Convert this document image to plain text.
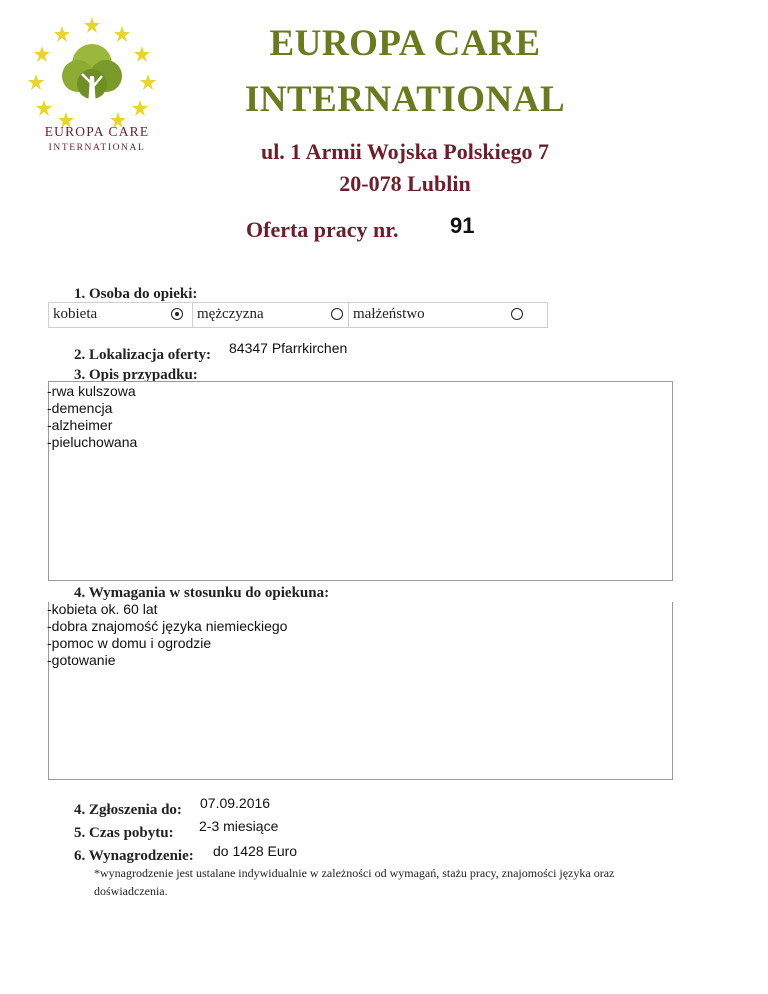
EUROPA CARE
INTERNATIONAL
EUROPA CARE
INTERNATIONAL
ul. 1 Armii Wojska Polskiego 7
20-078 Lublin
Oferta pracy nr. 91
1. Osoba do opieki:
kobieta	mężczyzna	małżeństwo
2. Lokalizacja oferty: 84347 Pfarrkirchen
3. Opis przypadku:
-rwa kulszowa
-demencja
-alzheimer
-pieluchowana
4. Wymagania w stosunku do opiekuna:
-kobieta ok. 60 lat
-dobra znajomość języka niemieckiego
-pomoc w domu i ogrodzie
-gotowanie
4. Zgłoszenia do: 07.09.2016
5. Czas pobytu: 2-3 miesiące
6. Wynagrodzenie: do 1428 Euro
*wynagrodzenie jest ustalane indywidualnie w zależności od wymagań, stażu pracy, znajomości języka oraz doświadczenia.
